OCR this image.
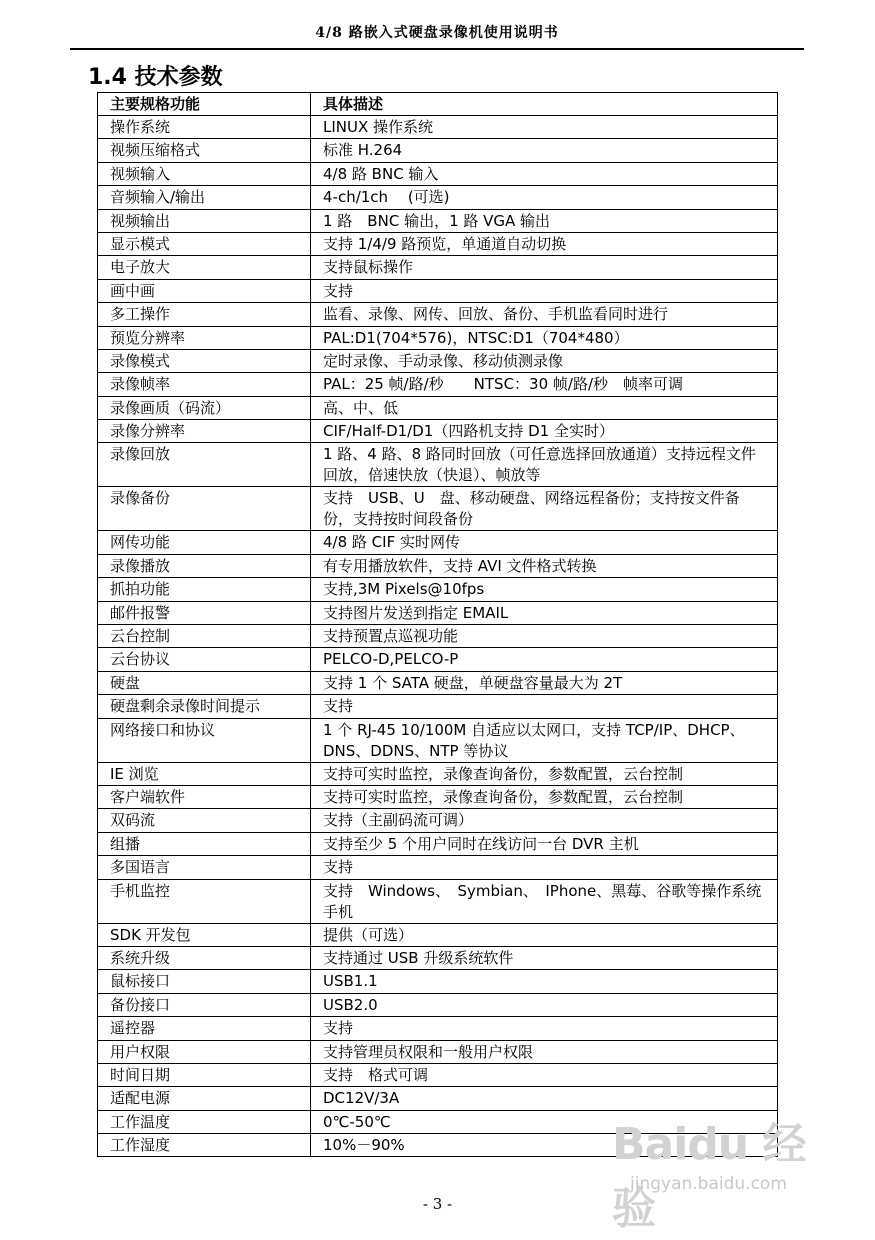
4/8 路嵌入式硬盘录像机使用说明书
1.4 技术参数
主要规格功能	具体描述
操作系统	LINUX 操作系统
视频压缩格式	标准 H.264
视频输入	4/8 路 BNC 输入
音频输入/输出	4-ch/1ch　 (可选)
视频输出	1 路　BNC 输出，1 路 VGA 输出
显示模式	支持 1/4/9 路预览，单通道自动切换
电子放大	支持鼠标操作
画中画	支持
多工操作	监看、录像、网传、回放、备份、手机监看同时进行
预览分辨率	PAL:D1(704*576)，NTSC:D1（704*480）
录像模式	定时录像、手动录像、移动侦测录像
录像帧率	PAL：25 帧/路/秒　　NTSC：30 帧/路/秒　帧率可调
录像画质（码流）	高、中、低
录像分辨率	CIF/Half-D1/D1（四路机支持 D1 全实时）
录像回放	1 路、4 路、8 路同时回放（可任意选择回放通道）支持远程文件回放，倍速快放（快退）、帧放等
录像备份	支持　USB、U　盘、移动硬盘、网络远程备份；支持按文件备份，支持按时间段备份
网传功能	4/8 路 CIF 实时网传
录像播放	有专用播放软件，支持 AVI 文件格式转换
抓拍功能	支持,3M Pixels@10fps
邮件报警	支持图片发送到指定 EMAIL
云台控制	支持预置点巡视功能
云台协议	PELCO-D,PELCO-P
硬盘	支持 1 个 SATA 硬盘，单硬盘容量最大为 2T
硬盘剩余录像时间提示	支持
网络接口和协议	1 个 RJ-45 10/100M 自适应以太网口，支持 TCP/IP、DHCP、DNS、DDNS、NTP 等协议
IE 浏览	支持可实时监控，录像查询备份，参数配置，云台控制
客户端软件	支持可实时监控，录像查询备份，参数配置，云台控制
双码流	支持（主副码流可调）
组播	支持至少 5 个用户同时在线访问一台 DVR 主机
多国语言	支持
手机监控	支持　Windows、　Symbian、　IPhone、黑莓、谷歌等操作系统手机
SDK 开发包	提供（可选）
系统升级	支持通过 USB 升级系统软件
鼠标接口	USB1.1
备份接口	USB2.0
遥控器	支持
用户权限	支持管理员权限和一般用户权限
时间日期	支持　格式可调
适配电源	DC12V/3A
工作温度	0℃-50℃
工作湿度	10%－90%
- 3 -
Baidu 经验
jingyan.baidu.com
